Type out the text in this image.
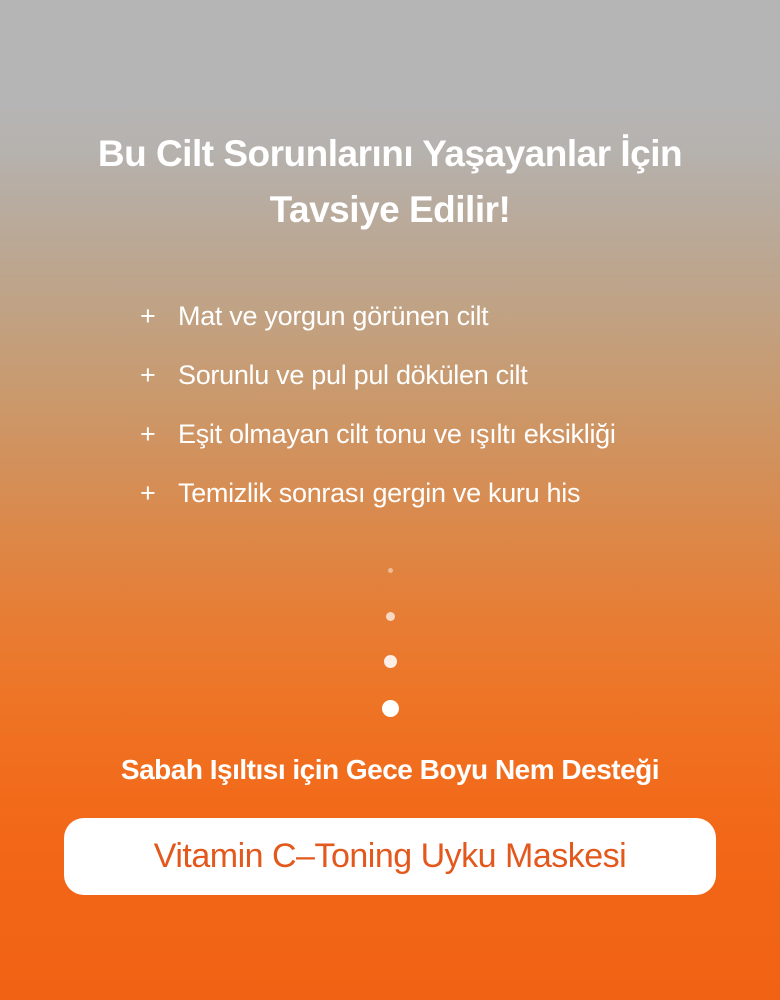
Bu Cilt Sorunlarını Yaşayanlar İçin
Tavsiye Edilir!
+ Mat ve yorgun görünen cilt
+ Sorunlu ve pul pul dökülen cilt
+ Eşit olmayan cilt tonu ve ışıltı eksikliği
+ Temizlik sonrası gergin ve kuru his
Sabah Işıltısı için Gece Boyu Nem Desteği
Vitamin C–Toning Uyku Maskesi
